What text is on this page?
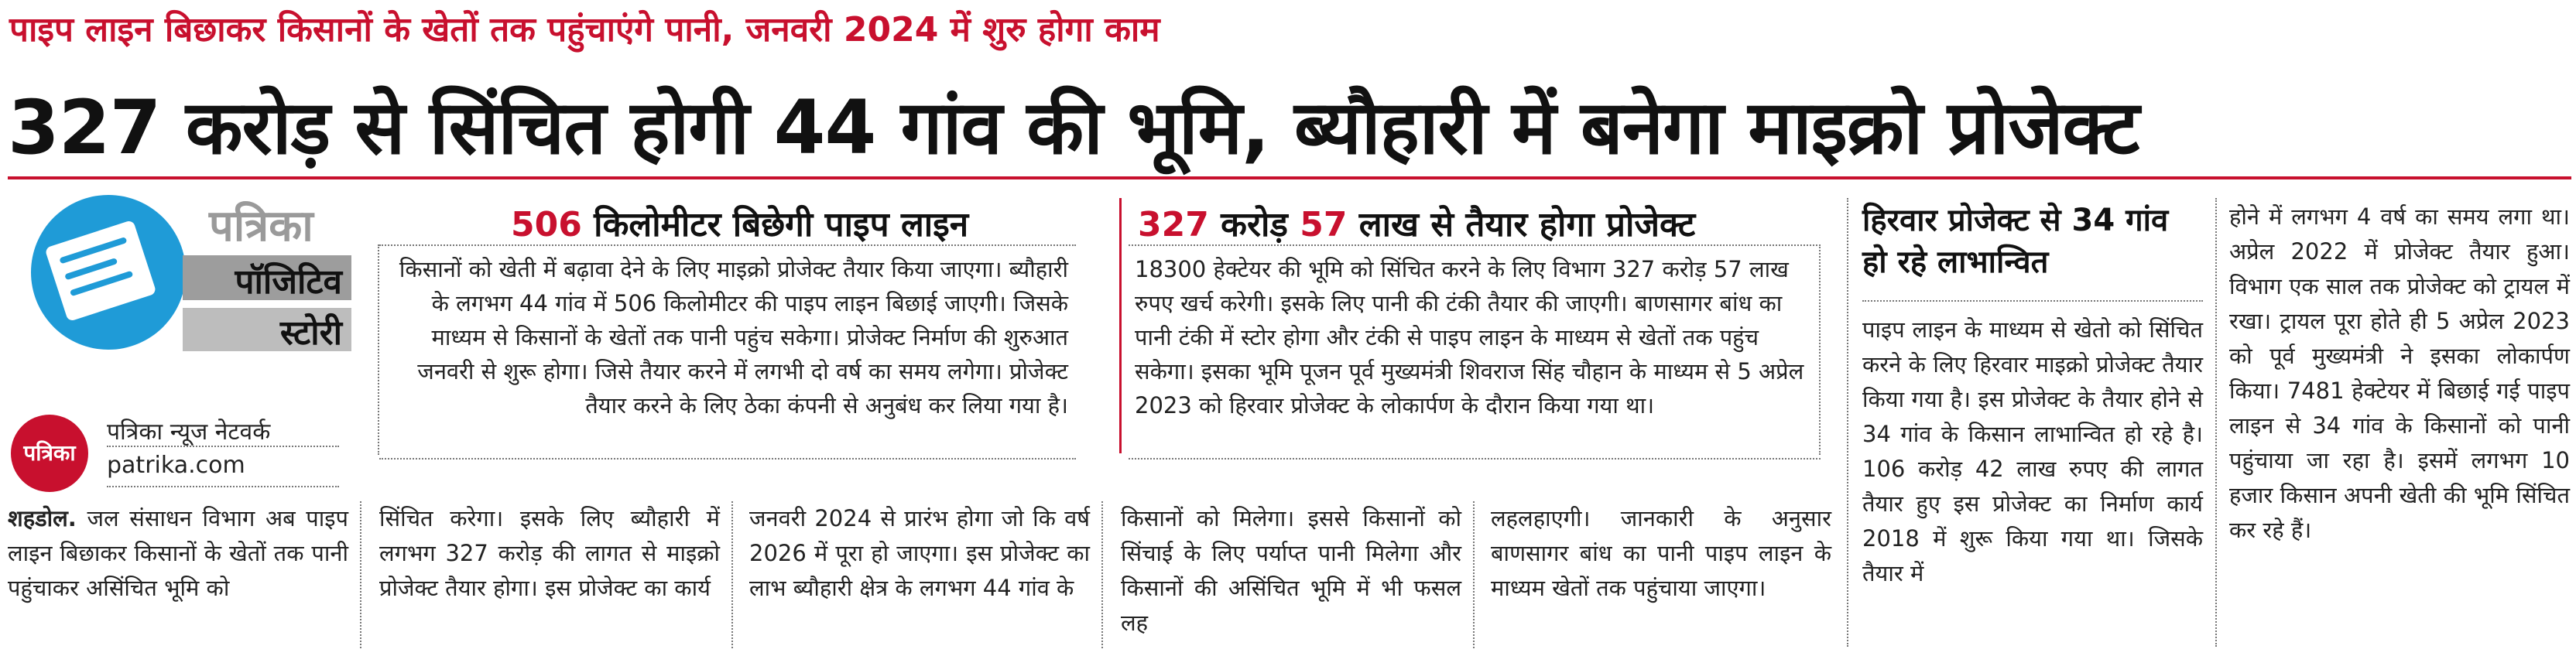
पाइप लाइन बिछाकर किसानों के खेतों तक पहुंचाएंगे पानी, जनवरी 2024 में शुरु होगा काम
327 करोड़ से सिंचित होगी 44 गांव की भूमि, ब्यौहारी में बनेगा माइक्रो प्रोजेक्ट
पत्रिका
पॉजिटिव
स्टोरी
पत्रिका
पत्रिका न्यूज नेटवर्क
patrika.com
506 किलोमीटर बिछेगी पाइप लाइन
किसानों को खेती में बढ़ावा देने के लिए माइक्रो प्रोजेक्ट तैयार किया जाएगा। ब्यौहारी के लगभग 44 गांव में 506 किलोमीटर की पाइप लाइन बिछाई जाएगी। जिसके माध्यम से किसानों के खेतों तक पानी पहुंच सकेगा। प्रोजेक्ट निर्माण की शुरुआत जनवरी से शुरू होगा। जिसे तैयार करने में लगभी दो वर्ष का समय लगेगा। प्रोजेक्ट तैयार करने के लिए ठेका कंपनी से अनुबंध कर लिया गया है।
327 करोड़ 57 लाख से तैयार होगा प्रोजेक्ट
18300 हेक्टेयर की भूमि को सिंचित करने के लिए विभाग 327 करोड़ 57 लाख रुपए खर्च करेगी। इसके लिए पानी की टंकी तैयार की जाएगी। बाणसागर बांध का पानी टंकी में स्टोर होगा और टंकी से पाइप लाइन के माध्यम से खेतों तक पहुंच सकेगा। इसका भूमि पूजन पूर्व मुख्यमंत्री शिवराज सिंह चौहान के माध्यम से 5 अप्रेल 2023 को हिरवार प्रोजेक्ट के लोकार्पण के दौरान किया गया था।
शहडोल. जल संसाधन विभाग अब पाइप लाइन बिछाकर किसानों के खेतों तक पानी पहुंचाकर असिंचित भूमि को
सिंचित करेगा। इसके लिए ब्यौहारी में लगभग 327 करोड़ की लागत से माइक्रो प्रोजेक्ट तैयार होगा। इस प्रोजेक्ट का कार्य
जनवरी 2024 से प्रारंभ होगा जो कि वर्ष 2026 में पूरा हो जाएगा। इस प्रोजेक्ट का लाभ ब्यौहारी क्षेत्र के लगभग 44 गांव के
किसानों को मिलेगा। इससे किसानों को सिंचाई के लिए पर्याप्त पानी मिलेगा और किसानों की असिंचित भूमि में भी फसल लह
लहलहाएगी। जानकारी के अनुसार बाणसागर बांध का पानी पाइप लाइन के माध्यम खेतों तक पहुंचाया जाएगा।
हिरवार प्रोजेक्ट से 34 गांव हो रहे लाभान्वित
पाइप लाइन के माध्यम से खेतो को सिंचित करने के लिए हिरवार माइक्रो प्रोजेक्ट तैयार किया गया है। इस प्रोजेक्ट के तैयार होने से 34 गांव के किसान लाभान्वित हो रहे है। 106 करोड़ 42 लाख रुपए की लागत तैयार हुए इस प्रोजेक्ट का निर्माण कार्य 2018 में शुरू किया गया था। जिसके तैयार में
होने में लगभग 4 वर्ष का समय लगा था। अप्रेल 2022 में प्रोजेक्ट तैयार हुआ। विभाग एक साल तक प्रोजेक्ट को ट्रायल में रखा। ट्रायल पूरा होते ही 5 अप्रेल 2023 को पूर्व मुख्यमंत्री ने इसका लोकार्पण किया। 7481 हेक्टेयर में बिछाई गई पाइप लाइन से 34 गांव के किसानों को पानी पहुंचाया जा रहा है। इसमें लगभग 10 हजार किसान अपनी खेती की भूमि सिंचित कर रहे हैं।
